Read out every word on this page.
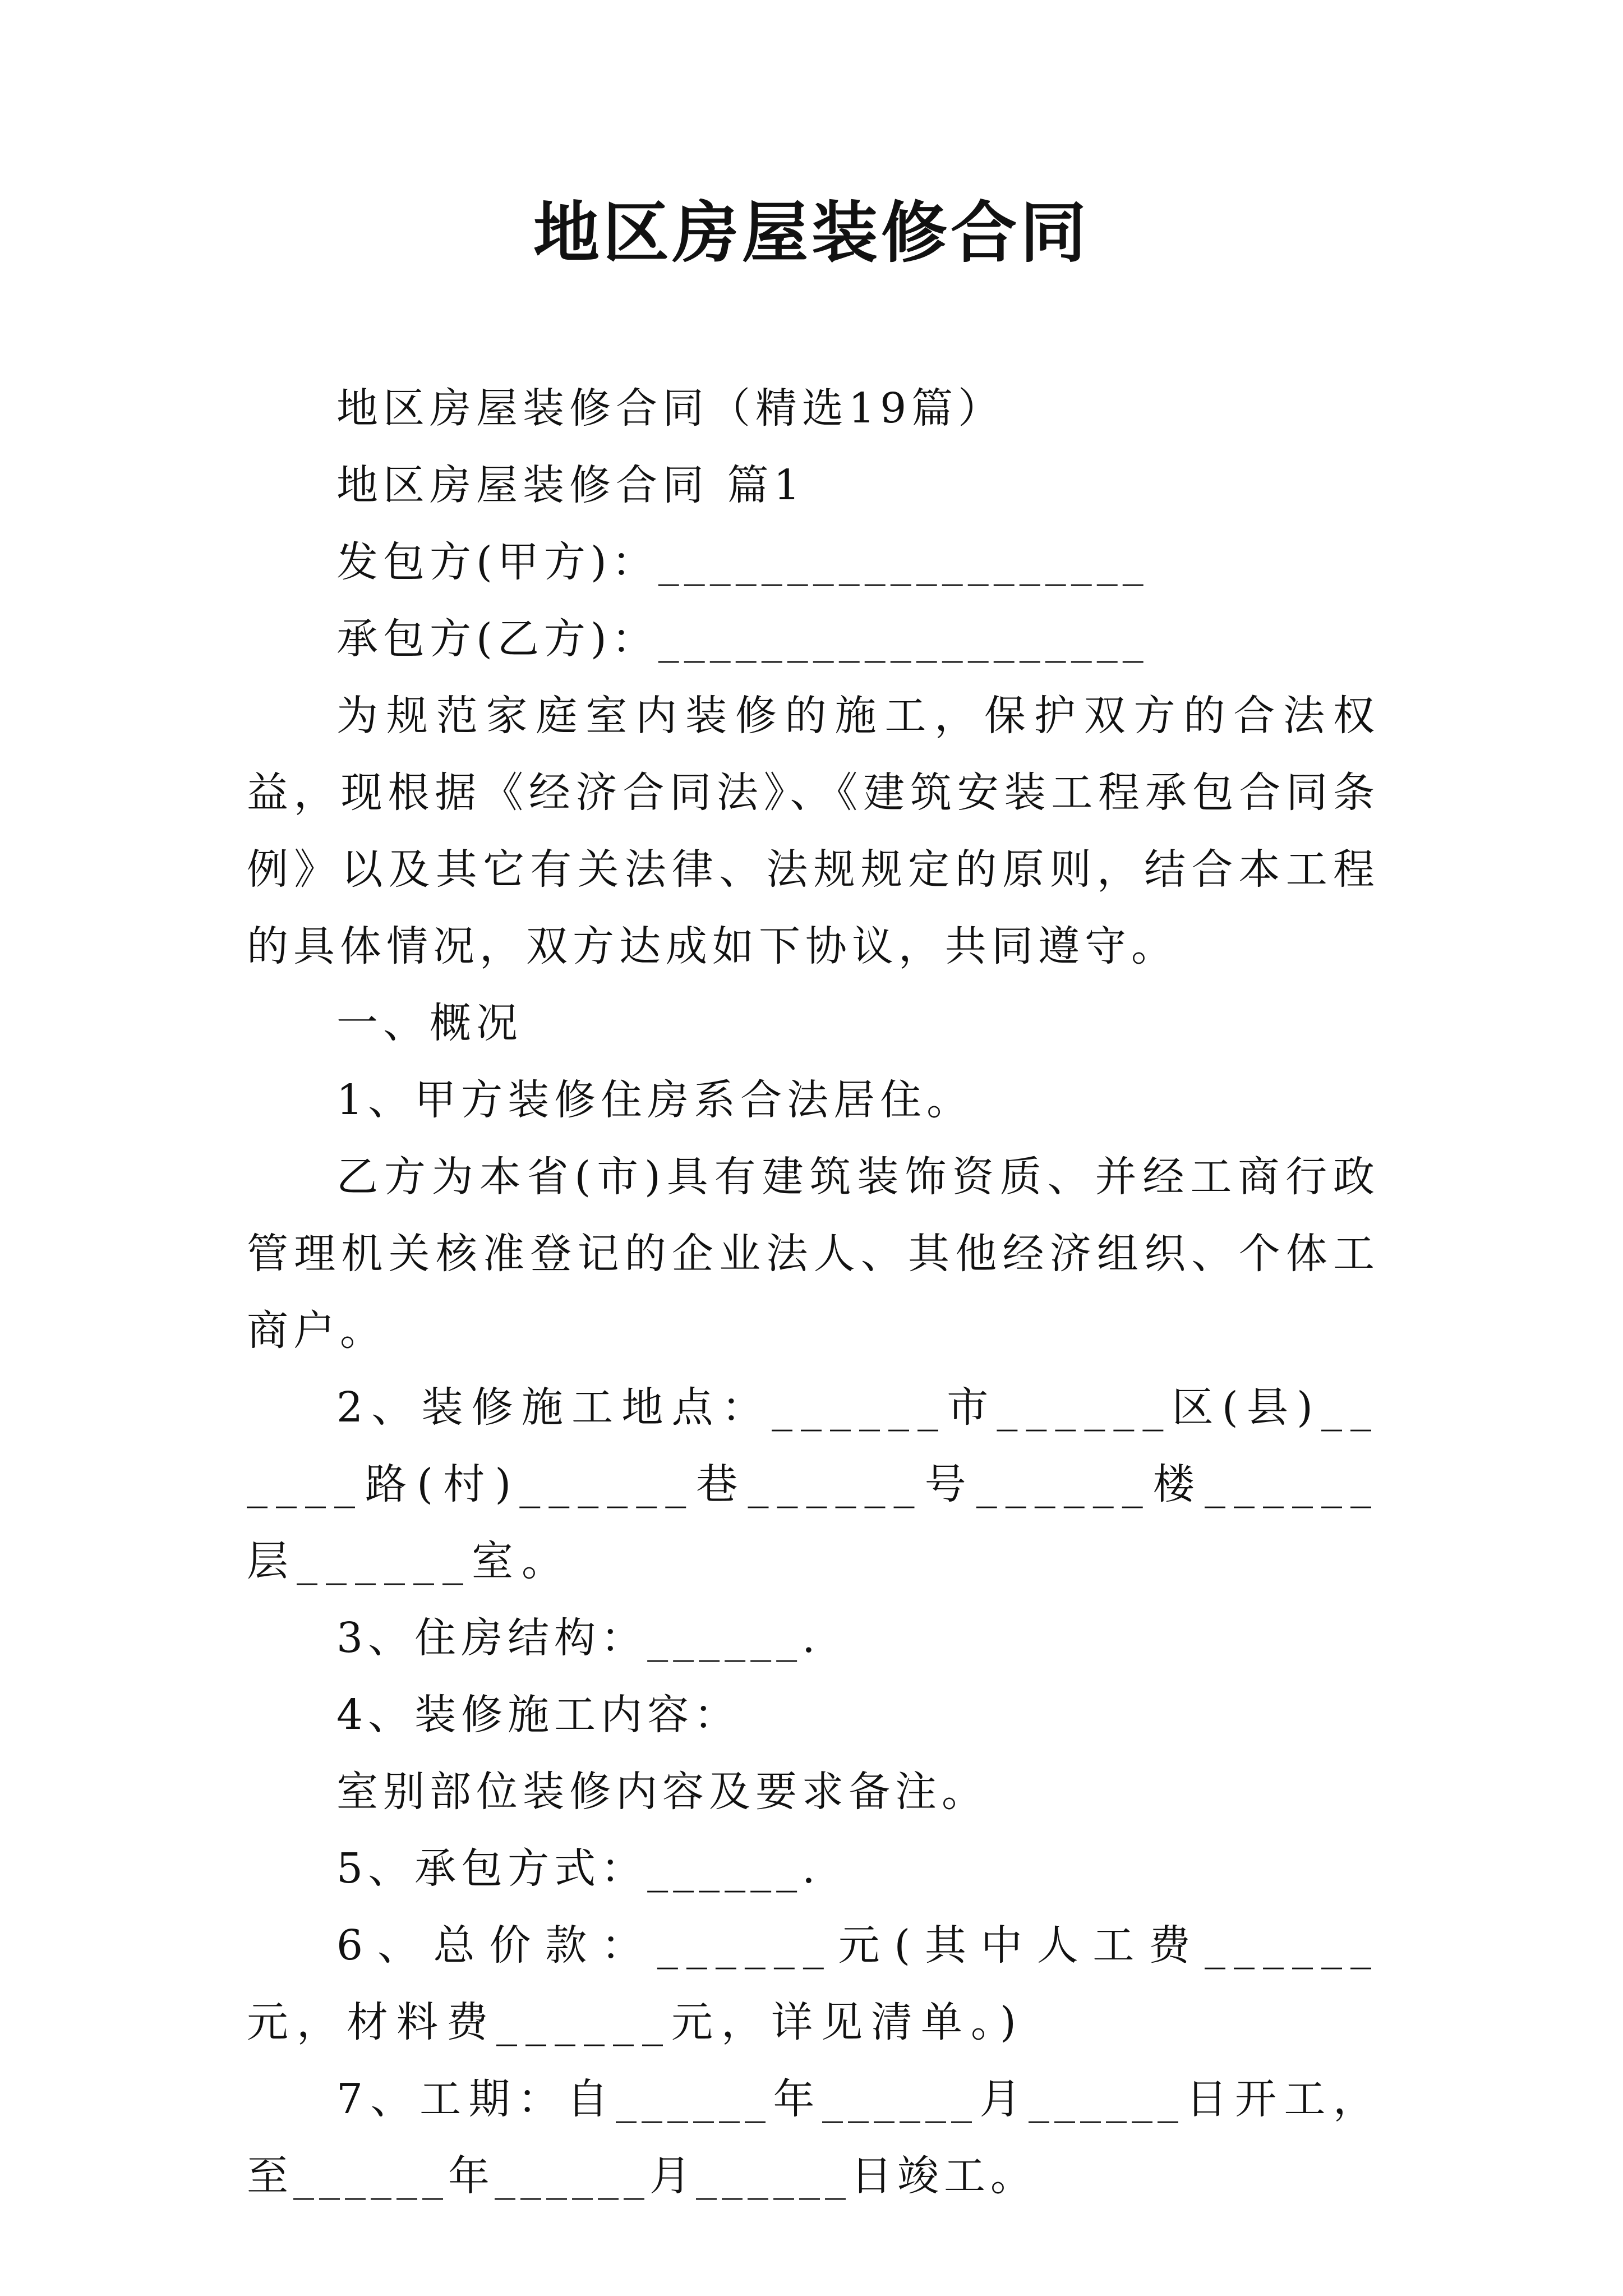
地区房屋装修合同

地区房屋装修合同（精选19篇）

地区房屋装修合同 篇1

发包方(甲方)：___________________

承包方(乙方)：___________________

为规范家庭室内装修的施工，保护双方的合法权益，现根据《经济合同法》、《建筑安装工程承包合同条例》以及其它有关法律、法规规定的原则，结合本工程的具体情况，双方达成如下协议，共同遵守。

一、概况

1、甲方装修住房系合法居住。

乙方为本省(市)具有建筑装饰资质、并经工商行政管理机关核准登记的企业法人、其他经济组织、个体工商户。

2、装修施工地点：______市______区(县)______路(村)______巷______号______楼______层______室。

3、住房结构：______.

4、装修施工内容：

室别部位装修内容及要求备注。

5、承包方式：______.

6、总价款：______元(其中人工费______元，材料费______元，详见清单。)

7、工期：自______年______月______日开工，至______年______月______日竣工。
